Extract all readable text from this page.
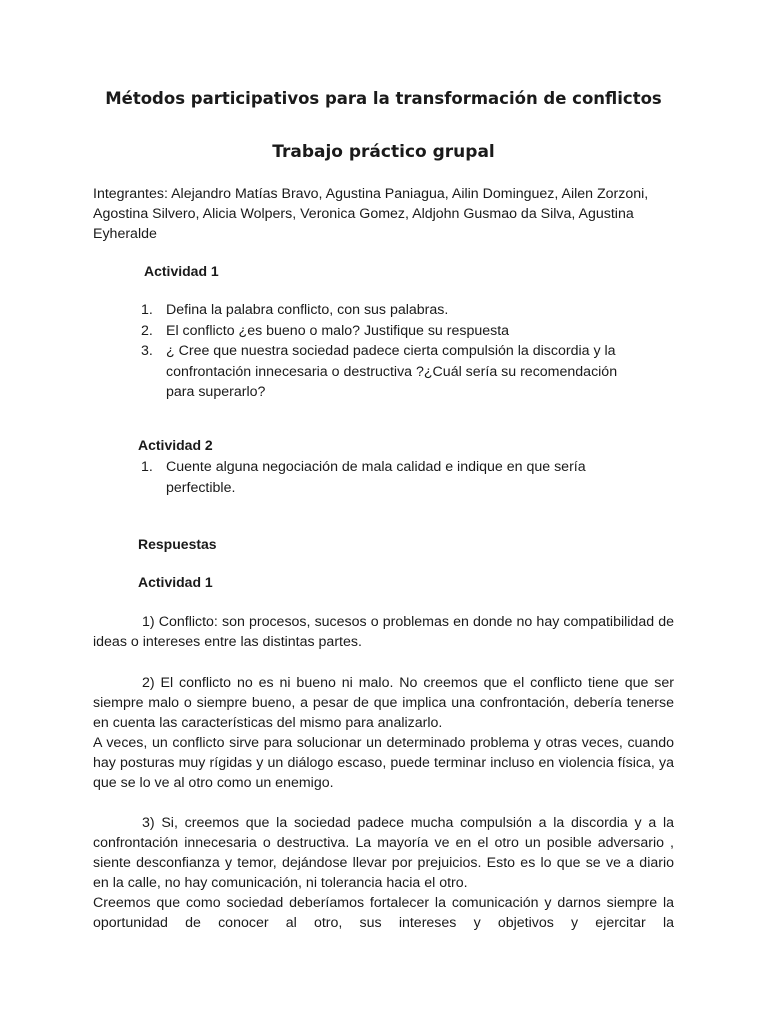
Métodos participativos para la transformación de conflictos
Trabajo práctico grupal

Integrantes: Alejandro Matías Bravo, Agustina Paniagua, Ailin Dominguez, Ailen Zorzoni, Agostina Silvero, Alicia Wolpers, Veronica Gomez, Aldjohn Gusmao da Silva, Agustina Eyheralde

Actividad 1
1. Defina la palabra conflicto, con sus palabras.
2. El conflicto ¿es bueno o malo? Justifique su respuesta
3. ¿ Cree que nuestra sociedad padece cierta compulsión la discordia y la confrontación innecesaria o destructiva ?¿Cuál sería su recomendación para superarlo?
Actividad 2
1. Cuente alguna negociación de mala calidad e indique en que sería perfectible.
Respuestas
Actividad 1

1) Conflicto: son procesos, sucesos o problemas en donde no hay compatibilidad de ideas o intereses entre las distintas partes.

2) El conflicto no es ni bueno ni malo. No creemos que el conflicto tiene que ser siempre malo o siempre bueno, a pesar de que implica una confrontación, debería tenerse en cuenta las características del mismo para analizarlo.

A veces, un conflicto sirve para solucionar un determinado problema y otras veces, cuando hay posturas muy rígidas y un diálogo escaso, puede terminar incluso en violencia física, ya que se lo ve al otro como un enemigo.

3) Si, creemos que la sociedad padece mucha compulsión a la discordia y a la confrontación innecesaria o destructiva. La mayoría ve en el otro un posible adversario , siente desconfianza y temor, dejándose llevar por prejuicios. Esto es lo que se ve a diario en la calle, no hay comunicación, ni tolerancia hacia el otro.

Creemos que como sociedad deberíamos fortalecer la comunicación y darnos siempre la oportunidad de conocer al otro, sus intereses y objetivos y ejercitar la
